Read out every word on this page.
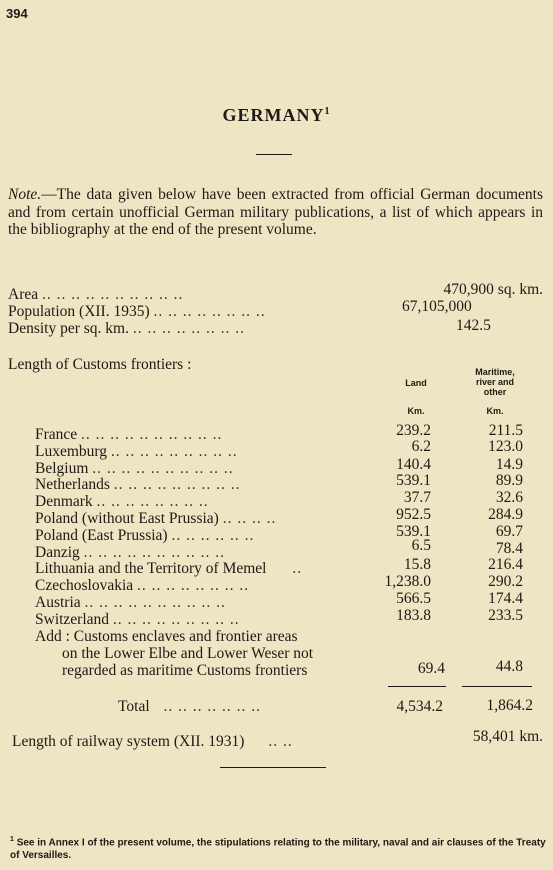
394
GERMANY$^1$
Note.—The data given below have been extracted from official German documents and from certain unofficial German military publications, a list of which appears in the bibliography at the end of the present volume.
Area .. .. .. .. .. .. .. .. .. ..	470,900 sq. km.
Population (XII. 1935) .. .. .. .. .. .. .. ..	67,105,000
Density per sq. km. .. .. .. .. .. .. .. ..	142.5
Length of Customs frontiers :
Land
Maritime,
river and
other
Km.	Km.
France .. .. .. .. .. .. .. .. .. ..	239.2	211.5
Luxemburg .. .. .. .. .. .. .. .. ..	6.2	123.0
Belgium .. .. .. .. .. .. .. .. .. ..	140.4	14.9
Netherlands .. .. .. .. .. .. .. .. ..	539.1	89.9
Denmark .. .. .. .. .. .. .. ..	37.7	32.6
Poland (without East Prussia) .. .. .. ..	952.5	284.9
Poland (East Prussia) .. .. .. .. .. ..	539.1	69.7
Danzig .. .. .. .. .. .. .. .. .. ..	6.5	78.4
Lithuania and the Territory of Memel ..	15.8	216.4
Czechoslovakia .. .. .. .. .. .. .. ..	1,238.0	290.2
Austria .. .. .. .. .. .. .. .. .. ..	566.5	174.4
Switzerland .. .. .. .. .. .. .. .. ..	183.8	233.5
Add : Customs enclaves and frontier areas
on the Lower Elbe and Lower Weser not
regarded as maritime Customs frontiers	69.4	44.8
Total .. .. .. .. .. .. ..	4,534.2	1,864.2
Length of railway system (XII. 1931) .. ..	58,401 km.
$^1$ See in Annex I of the present volume, the stipulations relating to the military, naval and air clauses of the Treaty of Versailles.
